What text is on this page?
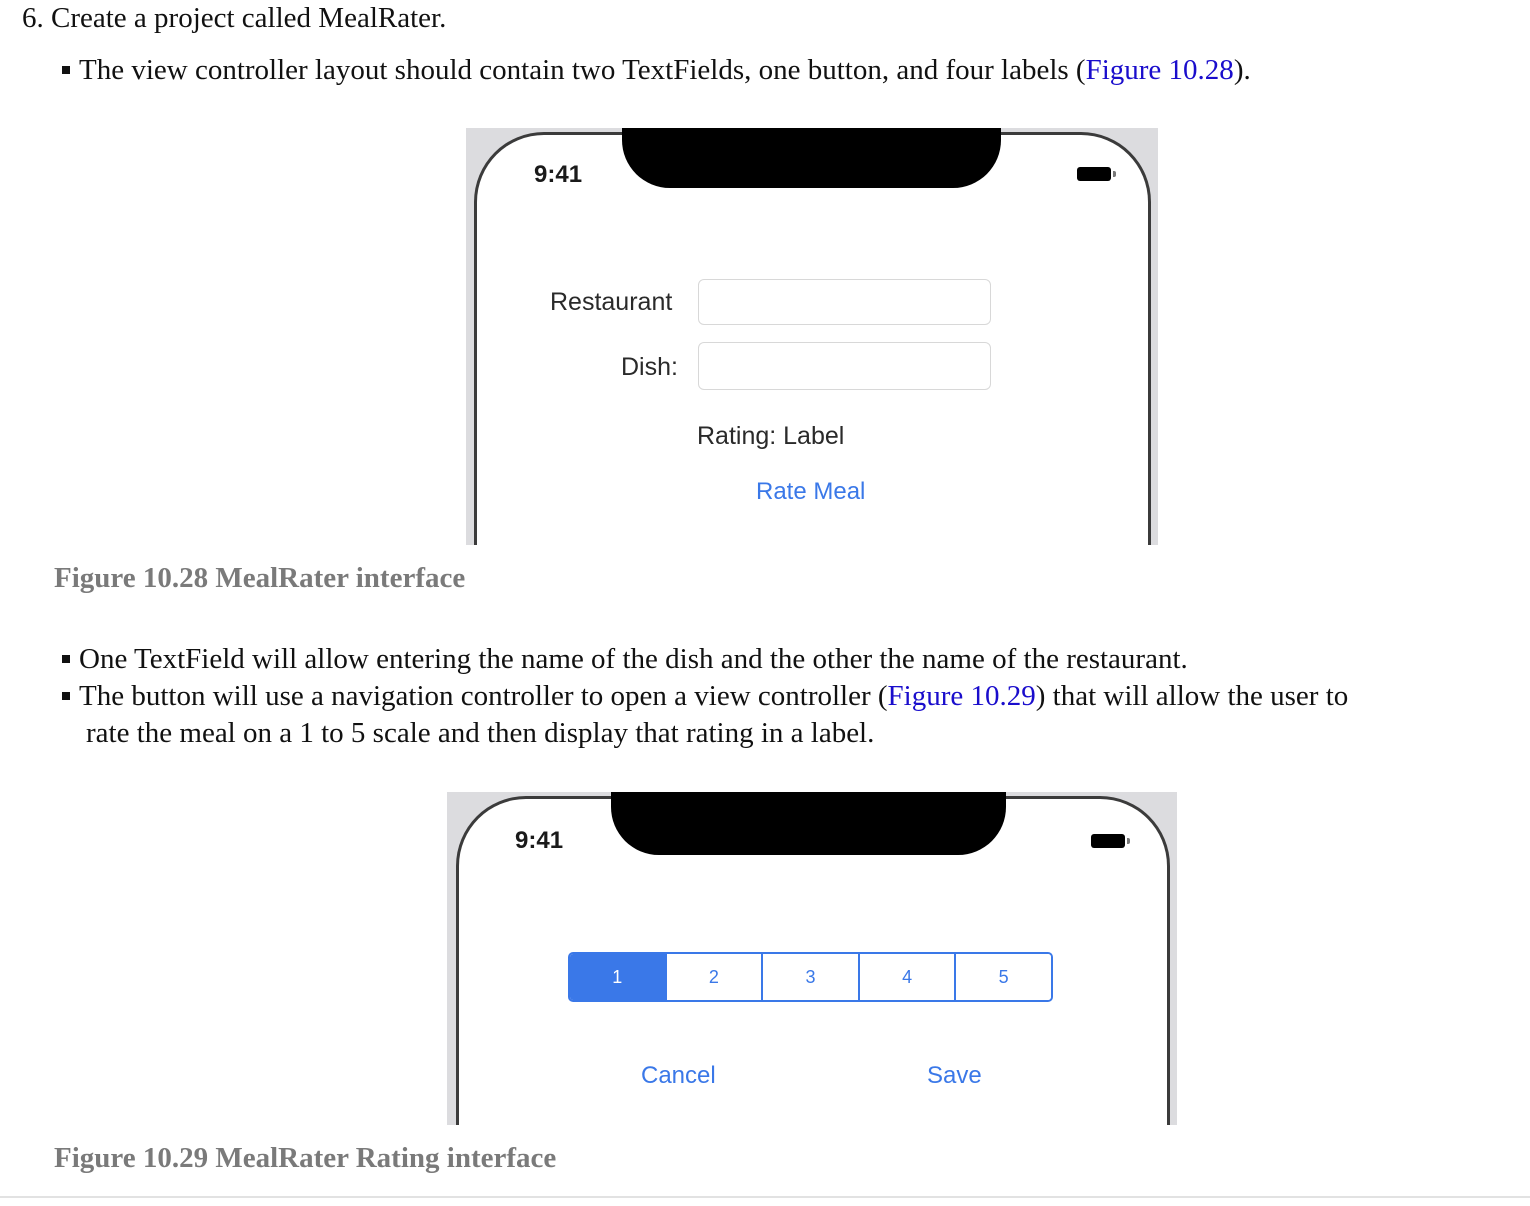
6. Create a project called MealRater.

The view controller layout should contain two TextFields, one button, and four labels (Figure 10.28).

9:41
Restaurant
Dish:
Rating: Label
Rate Meal

Figure 10.28 MealRater interface

One TextField will allow entering the name of the dish and the other the name of the restaurant.

The button will use a navigation controller to open a view controller (Figure 10.29) that will allow the user to
rate the meal on a 1 to 5 scale and then display that rating in a label.

9:41
1	2	3	4	5
Cancel	Save

Figure 10.29 MealRater Rating interface
